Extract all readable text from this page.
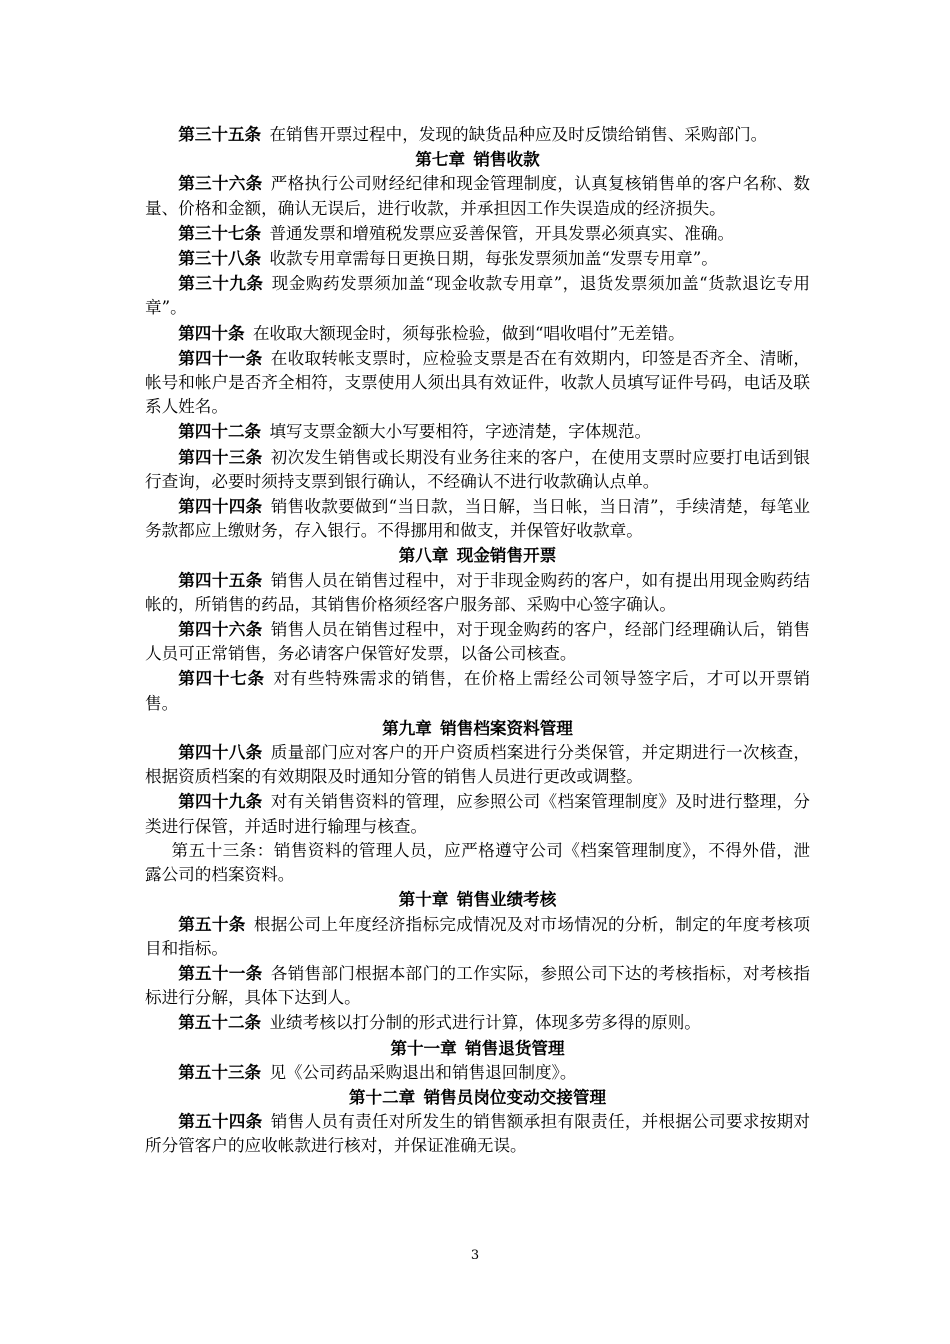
第三十五条 在销售开票过程中，发现的缺货品种应及时反馈给销售、采购部门。

第七章 销售收款

第三十六条 严格执行公司财经纪律和现金管理制度，认真复核销售单的客户名称、数量、价格和金额，确认无误后，进行收款，并承担因工作失误造成的经济损失。

第三十七条 普通发票和增殖税发票应妥善保管，开具发票必须真实、准确。

第三十八条 收款专用章需每日更换日期，每张发票须加盖“发票专用章”。

第三十九条 现金购药发票须加盖“现金收款专用章”，退货发票须加盖“货款退讫专用章”。

第四十条 在收取大额现金时，须每张检验，做到“唱收唱付”无差错。

第四十一条 在收取转帐支票时，应检验支票是否在有效期内，印签是否齐全、清晰，帐号和帐户是否齐全相符，支票使用人须出具有效证件，收款人员填写证件号码，电话及联系人姓名。

第四十二条 填写支票金额大小写要相符，字迹清楚，字体规范。

第四十三条 初次发生销售或长期没有业务往来的客户，在使用支票时应要打电话到银行查询，必要时须持支票到银行确认，不经确认不进行收款确认点单。

第四十四条 销售收款要做到“当日款，当日解，当日帐，当日清”，手续清楚，每笔业务款都应上缴财务，存入银行。不得挪用和做支，并保管好收款章。

第八章 现金销售开票

第四十五条 销售人员在销售过程中，对于非现金购药的客户，如有提出用现金购药结帐的，所销售的药品，其销售价格须经客户服务部、采购中心签字确认。

第四十六条 销售人员在销售过程中，对于现金购药的客户，经部门经理确认后，销售人员可正常销售，务必请客户保管好发票，以备公司核查。

第四十七条 对有些特殊需求的销售，在价格上需经公司领导签字后，才可以开票销售。

第九章 销售档案资料管理

第四十八条 质量部门应对客户的开户资质档案进行分类保管，并定期进行一次核查，根据资质档案的有效期限及时通知分管的销售人员进行更改或调整。

第四十九条 对有关销售资料的管理，应参照公司《档案管理制度》及时进行整理，分类进行保管，并适时进行输理与核查。

第五十三条：销售资料的管理人员，应严格遵守公司《档案管理制度》，不得外借，泄露公司的档案资料。

第十章 销售业绩考核

第五十条 根据公司上年度经济指标完成情况及对市场情况的分析，制定的年度考核项目和指标。

第五十一条 各销售部门根据本部门的工作实际，参照公司下达的考核指标，对考核指标进行分解，具体下达到人。

第五十二条 业绩考核以打分制的形式进行计算，体现多劳多得的原则。

第十一章 销售退货管理

第五十三条 见《公司药品采购退出和销售退回制度》。

第十二章 销售员岗位变动交接管理

第五十四条 销售人员有责任对所发生的销售额承担有限责任，并根据公司要求按期对所分管客户的应收帐款进行核对，并保证准确无误。

3
